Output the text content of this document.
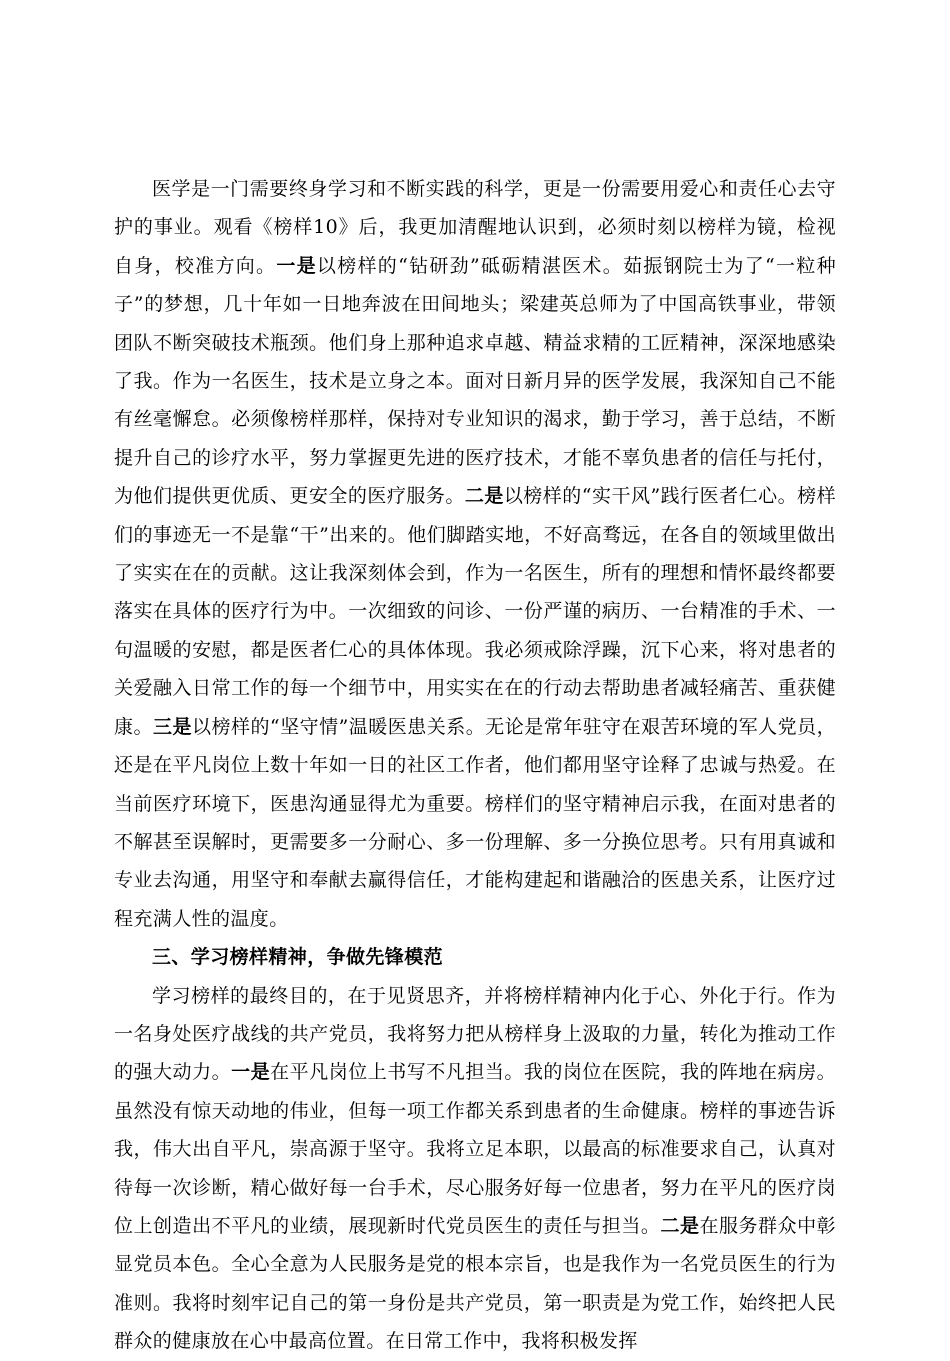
医学是一门需要终身学习和不断实践的科学，更是一份需要用爱心和责任心去守护的事业。观看《榜样10》后，我更加清醒地认识到，必须时刻以榜样为镜，检视自身，校准方向。一是以榜样的“钻研劲”砥砺精湛医术。茹振钢院士为了“一粒种子”的梦想，几十年如一日地奔波在田间地头；梁建英总师为了中国高铁事业，带领团队不断突破技术瓶颈。他们身上那种追求卓越、精益求精的工匠精神，深深地感染了我。作为一名医生，技术是立身之本。面对日新月异的医学发展，我深知自己不能有丝毫懈怠。必须像榜样那样，保持对专业知识的渴求，勤于学习，善于总结，不断提升自己的诊疗水平，努力掌握更先进的医疗技术，才能不辜负患者的信任与托付，为他们提供更优质、更安全的医疗服务。二是以榜样的“实干风”践行医者仁心。榜样们的事迹无一不是靠“干”出来的。他们脚踏实地，不好高骛远，在各自的领域里做出了实实在在的贡献。这让我深刻体会到，作为一名医生，所有的理想和情怀最终都要落实在具体的医疗行为中。一次细致的问诊、一份严谨的病历、一台精准的手术、一句温暖的安慰，都是医者仁心的具体体现。我必须戒除浮躁，沉下心来，将对患者的关爱融入日常工作的每一个细节中，用实实在在的行动去帮助患者减轻痛苦、重获健康。三是以榜样的“坚守情”温暖医患关系。无论是常年驻守在艰苦环境的军人党员，还是在平凡岗位上数十年如一日的社区工作者，他们都用坚守诠释了忠诚与热爱。在当前医疗环境下，医患沟通显得尤为重要。榜样们的坚守精神启示我，在面对患者的不解甚至误解时，更需要多一分耐心、多一份理解、多一分换位思考。只有用真诚和专业去沟通，用坚守和奉献去赢得信任，才能构建起和谐融洽的医患关系，让医疗过程充满人性的温度。

三、学习榜样精神，争做先锋模范

学习榜样的最终目的，在于见贤思齐，并将榜样精神内化于心、外化于行。作为一名身处医疗战线的共产党员，我将努力把从榜样身上汲取的力量，转化为推动工作的强大动力。一是在平凡岗位上书写不凡担当。我的岗位在医院，我的阵地在病房。虽然没有惊天动地的伟业，但每一项工作都关系到患者的生命健康。榜样的事迹告诉我，伟大出自平凡，崇高源于坚守。我将立足本职，以最高的标准要求自己，认真对待每一次诊断，精心做好每一台手术，尽心服务好每一位患者，努力在平凡的医疗岗位上创造出不平凡的业绩，展现新时代党员医生的责任与担当。二是在服务群众中彰显党员本色。全心全意为人民服务是党的根本宗旨，也是我作为一名党员医生的行为准则。我将时刻牢记自己的第一身份是共产党员，第一职责是为党工作，始终把人民群众的健康放在心中最高位置。在日常工作中，我将积极发挥
